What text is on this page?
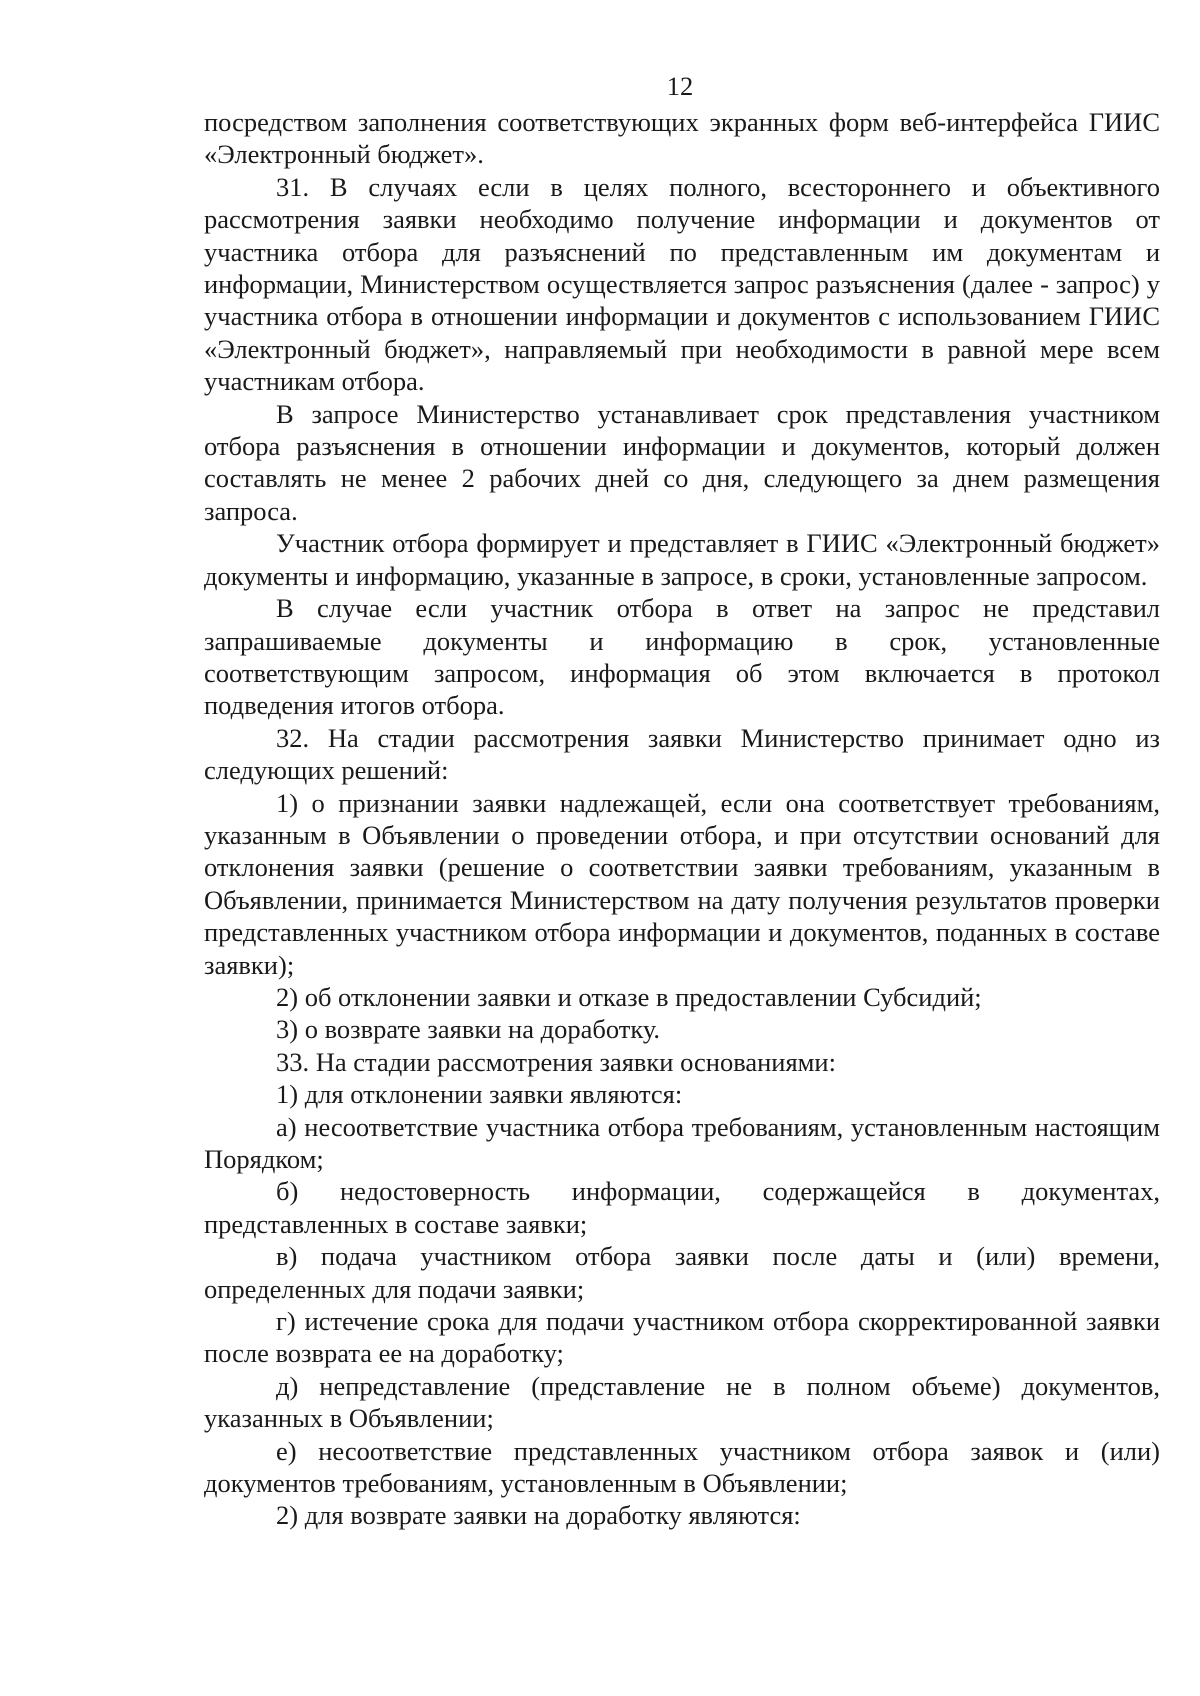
12

посредством заполнения соответствующих экранных форм веб-интерфейса ГИИС «Электронный бюджет».

31. В случаях если в целях полного, всестороннего и объективного рассмотрения заявки необходимо получение информации и документов от участника отбора для разъяснений по представленным им документам и информации, Министерством осуществляется запрос разъяснения (далее - запрос) у участника отбора в отношении информации и документов с использованием ГИИС «Электронный бюджет», направляемый при необходимости в равной мере всем участникам отбора.

В запросе Министерство устанавливает срок представления участником отбора разъяснения в отношении информации и документов, который должен составлять не менее 2 рабочих дней со дня, следующего за днем размещения запроса.

Участник отбора формирует и представляет в ГИИС «Электронный бюджет» документы и информацию, указанные в запросе, в сроки, установленные запросом.

В случае если участник отбора в ответ на запрос не представил запрашиваемые документы и информацию в срок, установленные соответствующим запросом, информация об этом включается в протокол подведения итогов отбора.

32. На стадии рассмотрения заявки Министерство принимает одно из следующих решений:

1) о признании заявки надлежащей, если она соответствует требованиям, указанным в Объявлении о проведении отбора, и при отсутствии оснований для отклонения заявки (решение о соответствии заявки требованиям, указанным в Объявлении, принимается Министерством на дату получения результатов проверки представленных участником отбора информации и документов, поданных в составе заявки);

2) об отклонении заявки и отказе в предоставлении Субсидий;

3) о возврате заявки на доработку.

33. На стадии рассмотрения заявки основаниями:

1) для отклонении заявки являются:

а) несоответствие участника отбора требованиям, установленным настоящим Порядком;

б) недостоверность информации, содержащейся в документах, представленных в составе заявки;

в) подача участником отбора заявки после даты и (или) времени, определенных для подачи заявки;

г) истечение срока для подачи участником отбора скорректированной заявки после возврата ее на доработку;

д) непредставление (представление не в полном объеме) документов, указанных в Объявлении;

е) несоответствие представленных участником отбора заявок и (или) документов требованиям, установленным в Объявлении;

2) для возврате заявки на доработку являются:
